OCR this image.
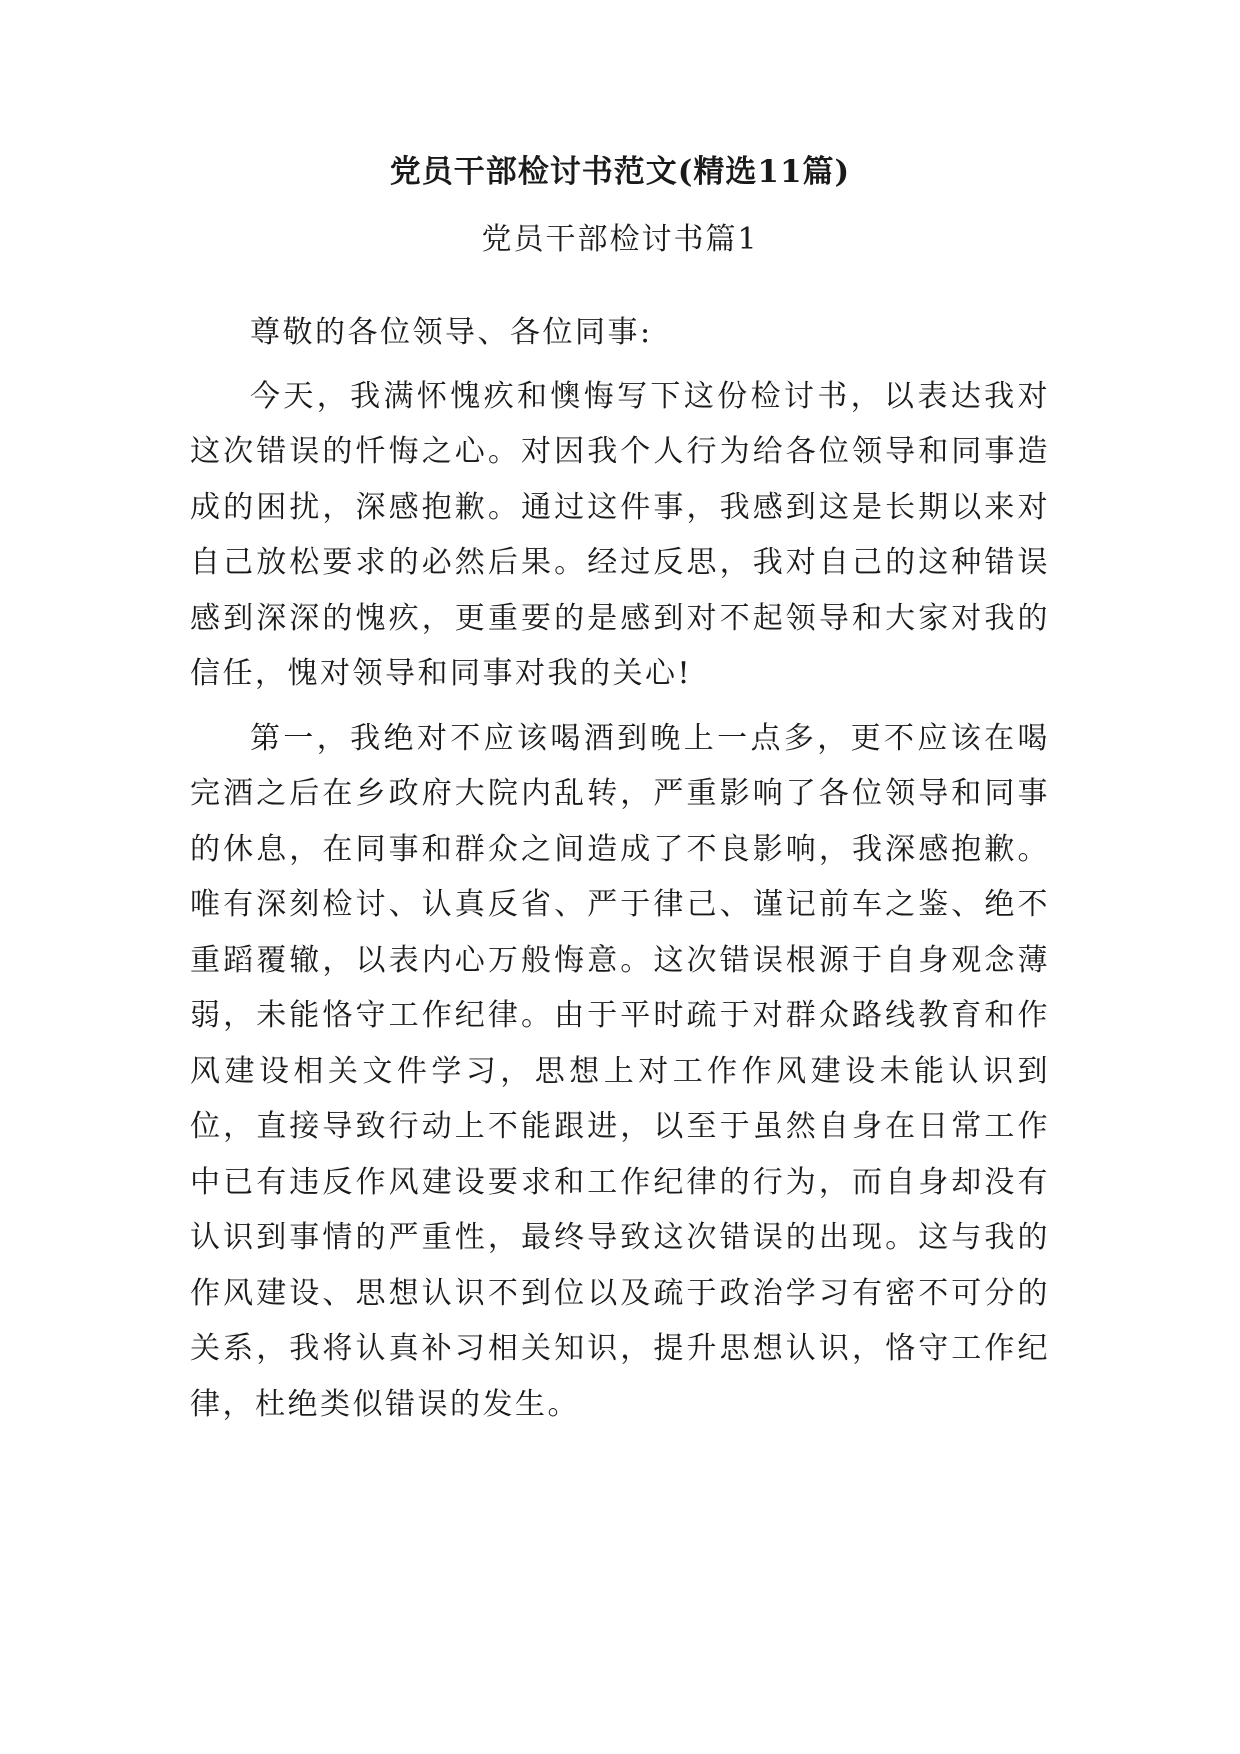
党员干部检讨书范文(精选11篇)
党员干部检讨书篇1

尊敬的各位领导、各位同事:

今天，我满怀愧疚和懊悔写下这份检讨书，以表达我对这次错误的忏悔之心。对因我个人行为给各位领导和同事造成的困扰，深感抱歉。通过这件事，我感到这是长期以来对自己放松要求的必然后果。经过反思，我对自己的这种错误感到深深的愧疚，更重要的是感到对不起领导和大家对我的信任，愧对领导和同事对我的关心!

第一，我绝对不应该喝酒到晚上一点多，更不应该在喝完酒之后在乡政府大院内乱转，严重影响了各位领导和同事的休息，在同事和群众之间造成了不良影响，我深感抱歉。唯有深刻检讨、认真反省、严于律己、谨记前车之鉴、绝不重蹈覆辙，以表内心万般悔意。这次错误根源于自身观念薄弱，未能恪守工作纪律。由于平时疏于对群众路线教育和作风建设相关文件学习，思想上对工作作风建设未能认识到位，直接导致行动上不能跟进，以至于虽然自身在日常工作中已有违反作风建设要求和工作纪律的行为，而自身却没有认识到事情的严重性，最终导致这次错误的出现。这与我的作风建设、思想认识不到位以及疏于政治学习有密不可分的关系，我将认真补习相关知识，提升思想认识，恪守工作纪律，杜绝类似错误的发生。
